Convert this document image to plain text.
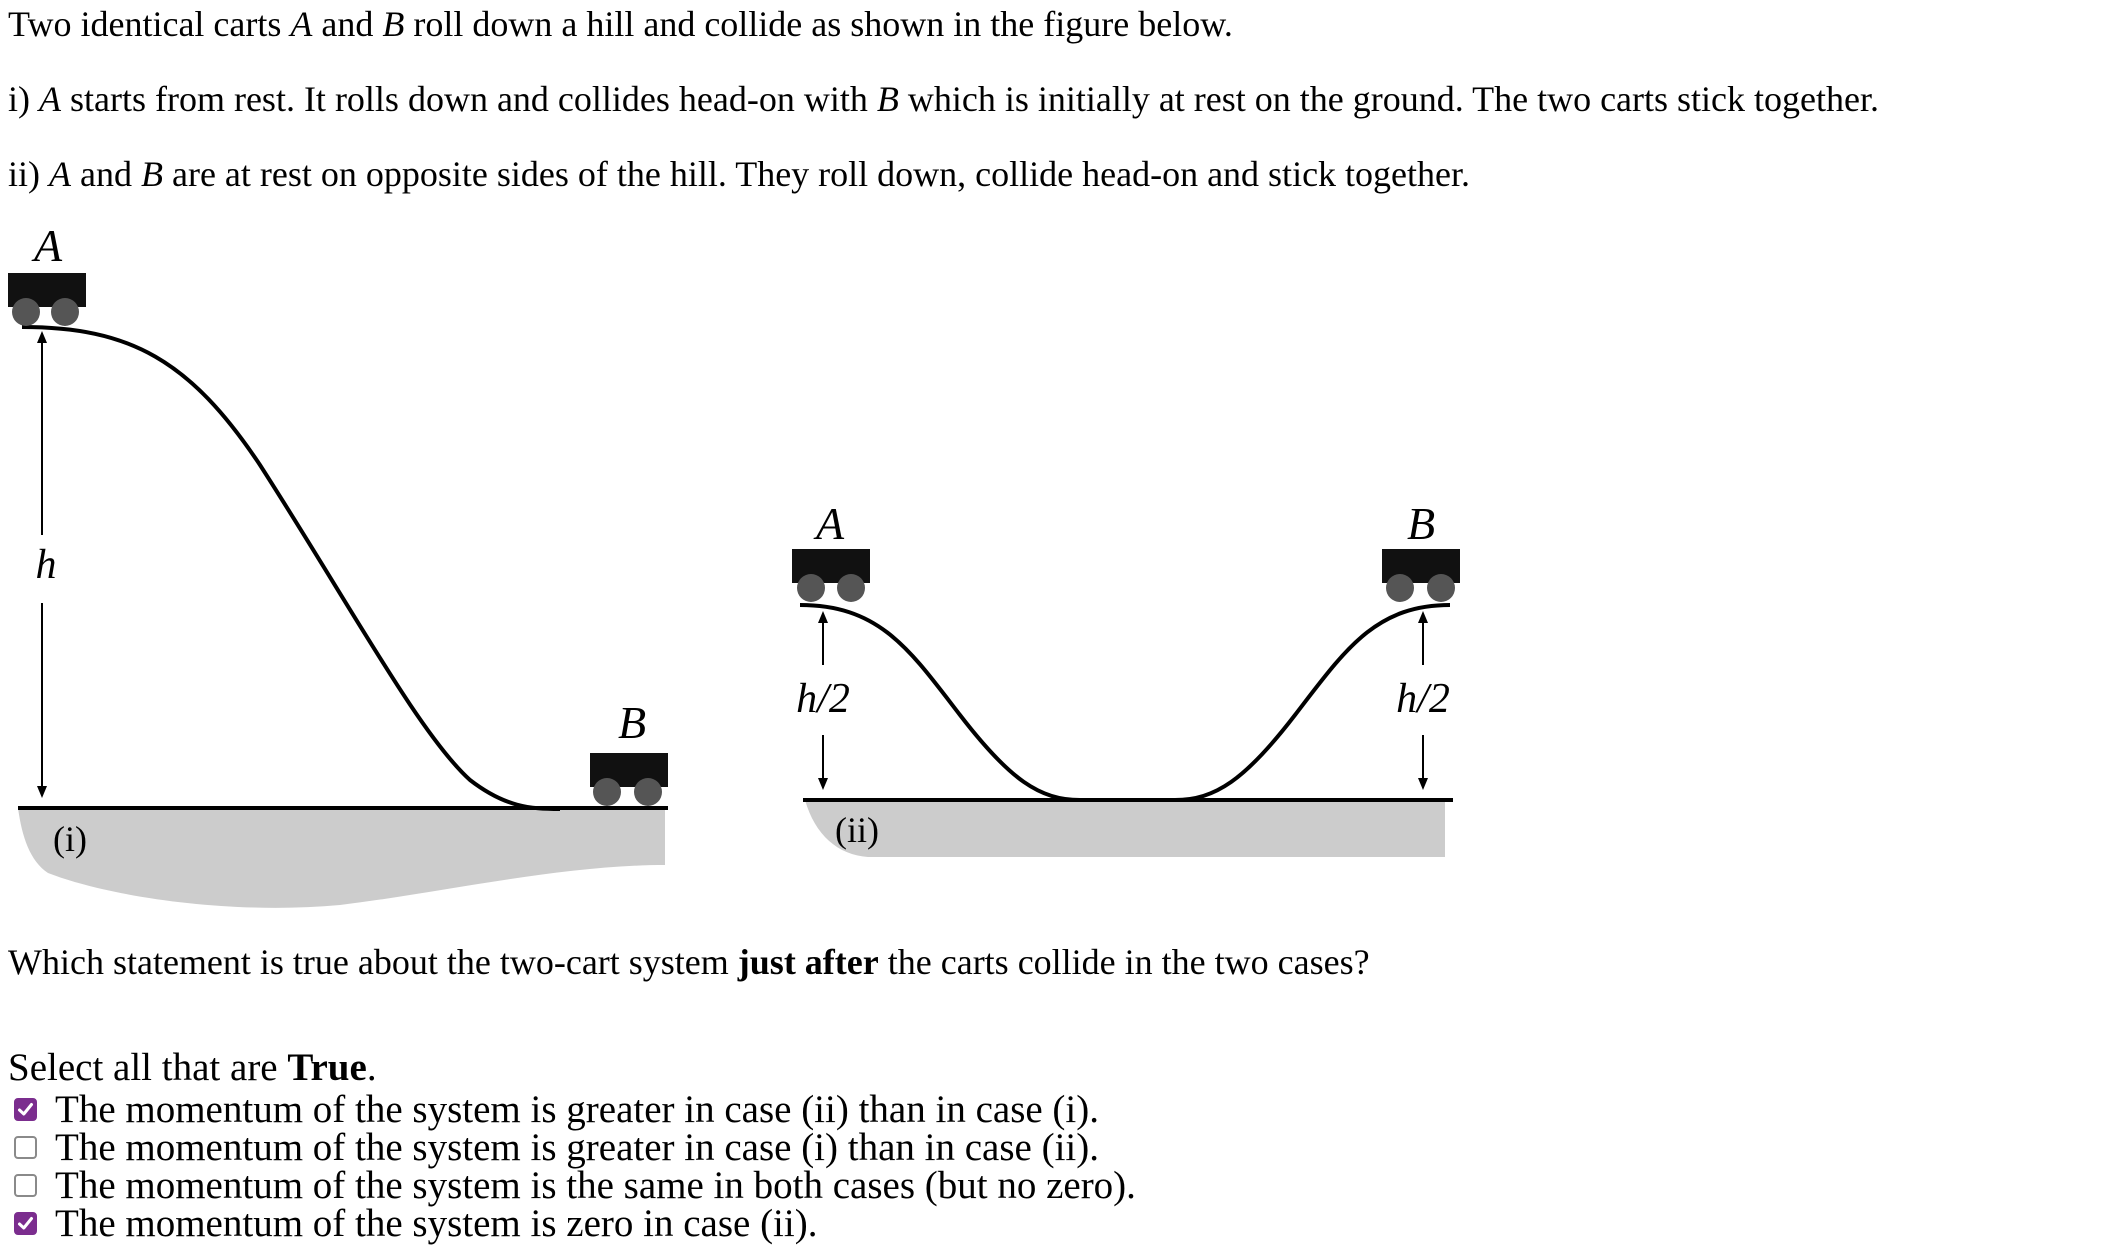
Two identical carts A and B roll down a hill and collide as shown in the figure below.
i) A starts from rest. It rolls down and collides head-on with B which is initially at rest on the ground. The two carts stick together.
ii) A and B are at rest on opposite sides of the hill. They roll down, collide head-on and stick together.
A
h
B
(i)
A	B
h/2	h/2
(ii)
Which statement is true about the two-cart system just after the carts collide in the two cases?
Select all that are True.
The momentum of the system is greater in case (ii) than in case (i).
The momentum of the system is greater in case (i) than in case (ii).
The momentum of the system is the same in both cases (but no zero).
The momentum of the system is zero in case (ii).
